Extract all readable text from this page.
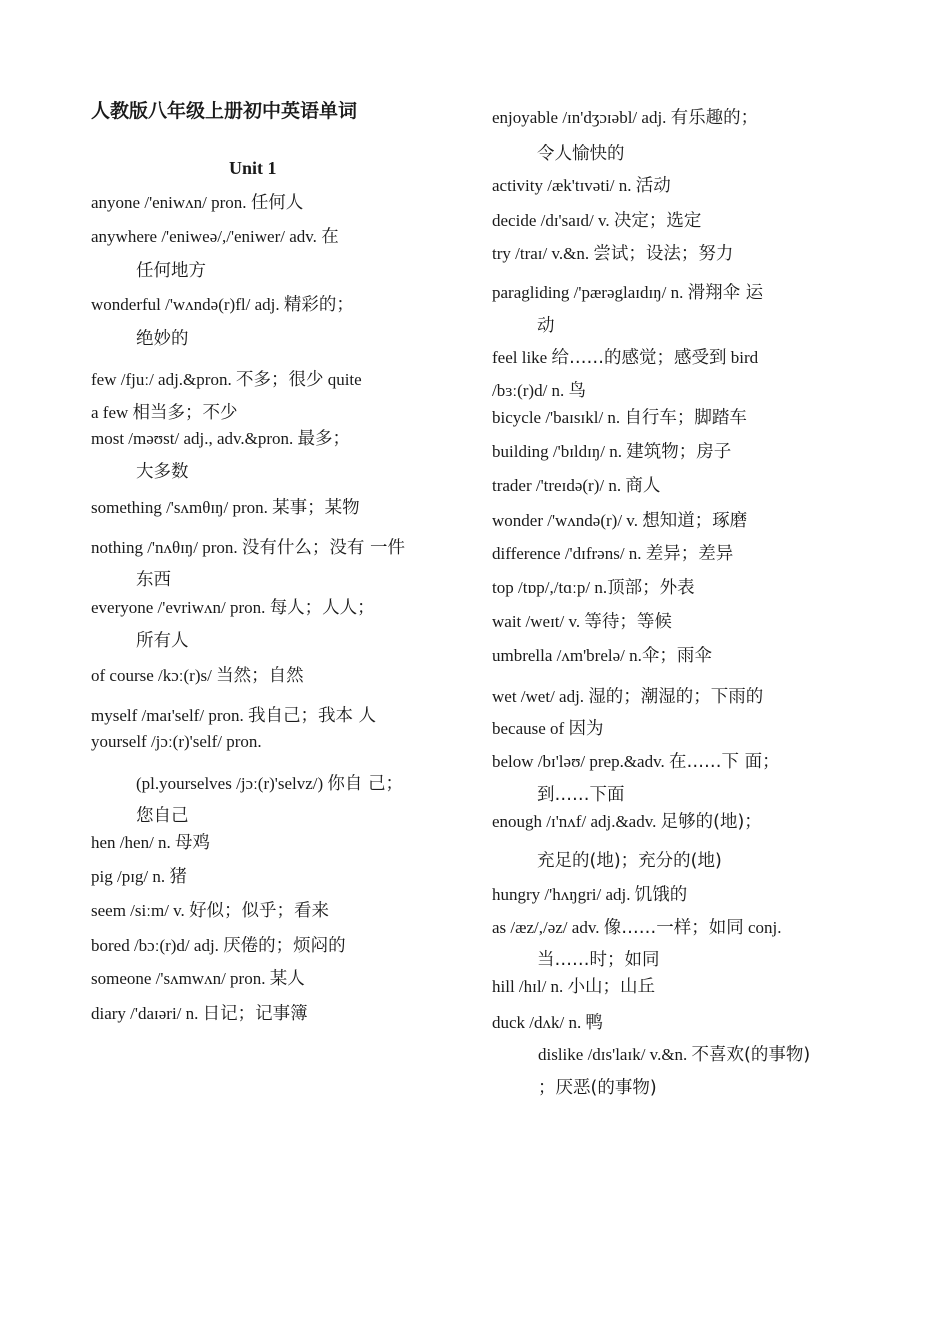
人教版八年级上册初中英语单词
Unit 1
anyone /'eniwʌn/ pron. 任何人
anywhere /'eniweə/,/'eniwer/ adv. 在
任何地方
wonderful /'wʌndə(r)fl/ adj. 精彩的；
绝妙的
few /fjuː/ adj.&pron. 不多；很少 quite
a few 相当多；不少
most /məʊst/ adj., adv.&pron. 最多；
大多数
something /'sʌmθɪŋ/ pron. 某事；某物
nothing /'nʌθɪŋ/ pron. 没有什么；没有 一件
东西
everyone /'evriwʌn/ pron. 每人；人人；
所有人
of course /kɔː(r)s/ 当然；自然
myself /maɪ'self/ pron. 我自己；我本 人
yourself /jɔː(r)'self/ pron.
(pl.yourselves /jɔː(r)'selvz/) 你自 己；
您自己
hen /hen/ n. 母鸡
pig /pɪg/ n. 猪
seem /siːm/ v. 好似；似乎；看来
bored /bɔː(r)d/ adj. 厌倦的；烦闷的
someone /'sʌmwʌn/ pron. 某人
diary /'daɪəri/ n. 日记；记事簿
enjoyable /ɪn'dʒɔɪəbl/ adj. 有乐趣的；
令人愉快的
activity /æk'tɪvəti/ n. 活动
decide /dɪ'saɪd/ v. 决定；选定
try /traɪ/ v.&n. 尝试；设法；努力
paragliding /'pærəglaɪdɪŋ/ n. 滑翔伞 运
动
feel like 给……的感觉；感受到 bird
/bɜː(r)d/ n. 鸟
bicycle /'baɪsɪkl/ n. 自行车；脚踏车
building /'bɪldɪŋ/ n. 建筑物；房子
trader /'treɪdə(r)/ n. 商人
wonder /'wʌndə(r)/ v. 想知道；琢磨
difference /'dɪfrəns/ n. 差异；差异
top /tɒp/,/tɑːp/ n.顶部；外表
wait /weɪt/ v. 等待；等候
umbrella /ʌm'brelə/ n.伞；雨伞
wet /wet/ adj. 湿的；潮湿的；下雨的
because of 因为
below /bɪ'ləʊ/ prep.&adv. 在……下 面；
到……下面
enough /ɪ'nʌf/ adj.&adv. 足够的(地)；
充足的(地)；充分的(地)
hungry /'hʌŋgri/ adj. 饥饿的
as /æz/,/əz/ adv. 像……一样；如同 conj.
当……时；如同
hill /hɪl/ n. 小山；山丘
duck /dʌk/ n. 鸭
dislike /dɪs'laɪk/ v.&n. 不喜欢(的事物)
；厌恶(的事物)
